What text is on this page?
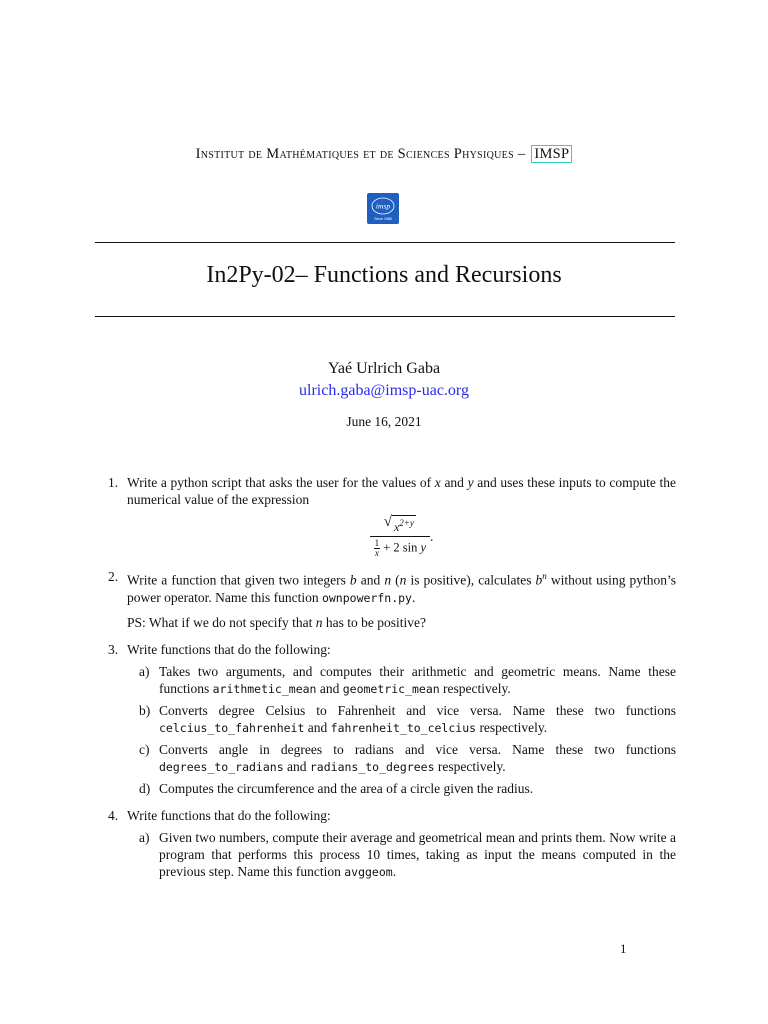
Institut de Mathématiques et de Sciences Physiques – IMSP
imsp
Since 1988
In2Py-02– Functions and Recursions
Yaé Urlrich Gaba
ulrich.gaba@imsp-uac.org
June 16, 2021
1. Write a python script that asks the user for the values of x and y and uses these inputs to compute the numerical value of the expression

$\frac{√ x^{2+y}}{\frac{1}{x} + 2 \sin y}$ .
2. Write a function that given two integers b and n (n is positive), calculates $b^n$ without using python’s power operator. Name this function ownpowerfn.py.

PS: What if we do not specify that n has to be positive?

3. Write functions that do the following:

a) Takes two arguments, and computes their arithmetic and geometric means. Name these functions arithmetic_mean and geometric_mean respectively.

b) Converts degree Celsius to Fahrenheit and vice versa. Name these two functions celcius_to_fahrenheit and fahrenheit_to_celcius respectively.

c) Converts angle in degrees to radians and vice versa. Name these two functions degrees_to_radians and radians_to_degrees respectively.

d) Computes the circumference and the area of a circle given the radius.

4. Write functions that do the following:

a) Given two numbers, compute their average and geometrical mean and prints them. Now write a program that performs this process 10 times, taking as input the means computed in the previous step. Name this function avggeom.

1
